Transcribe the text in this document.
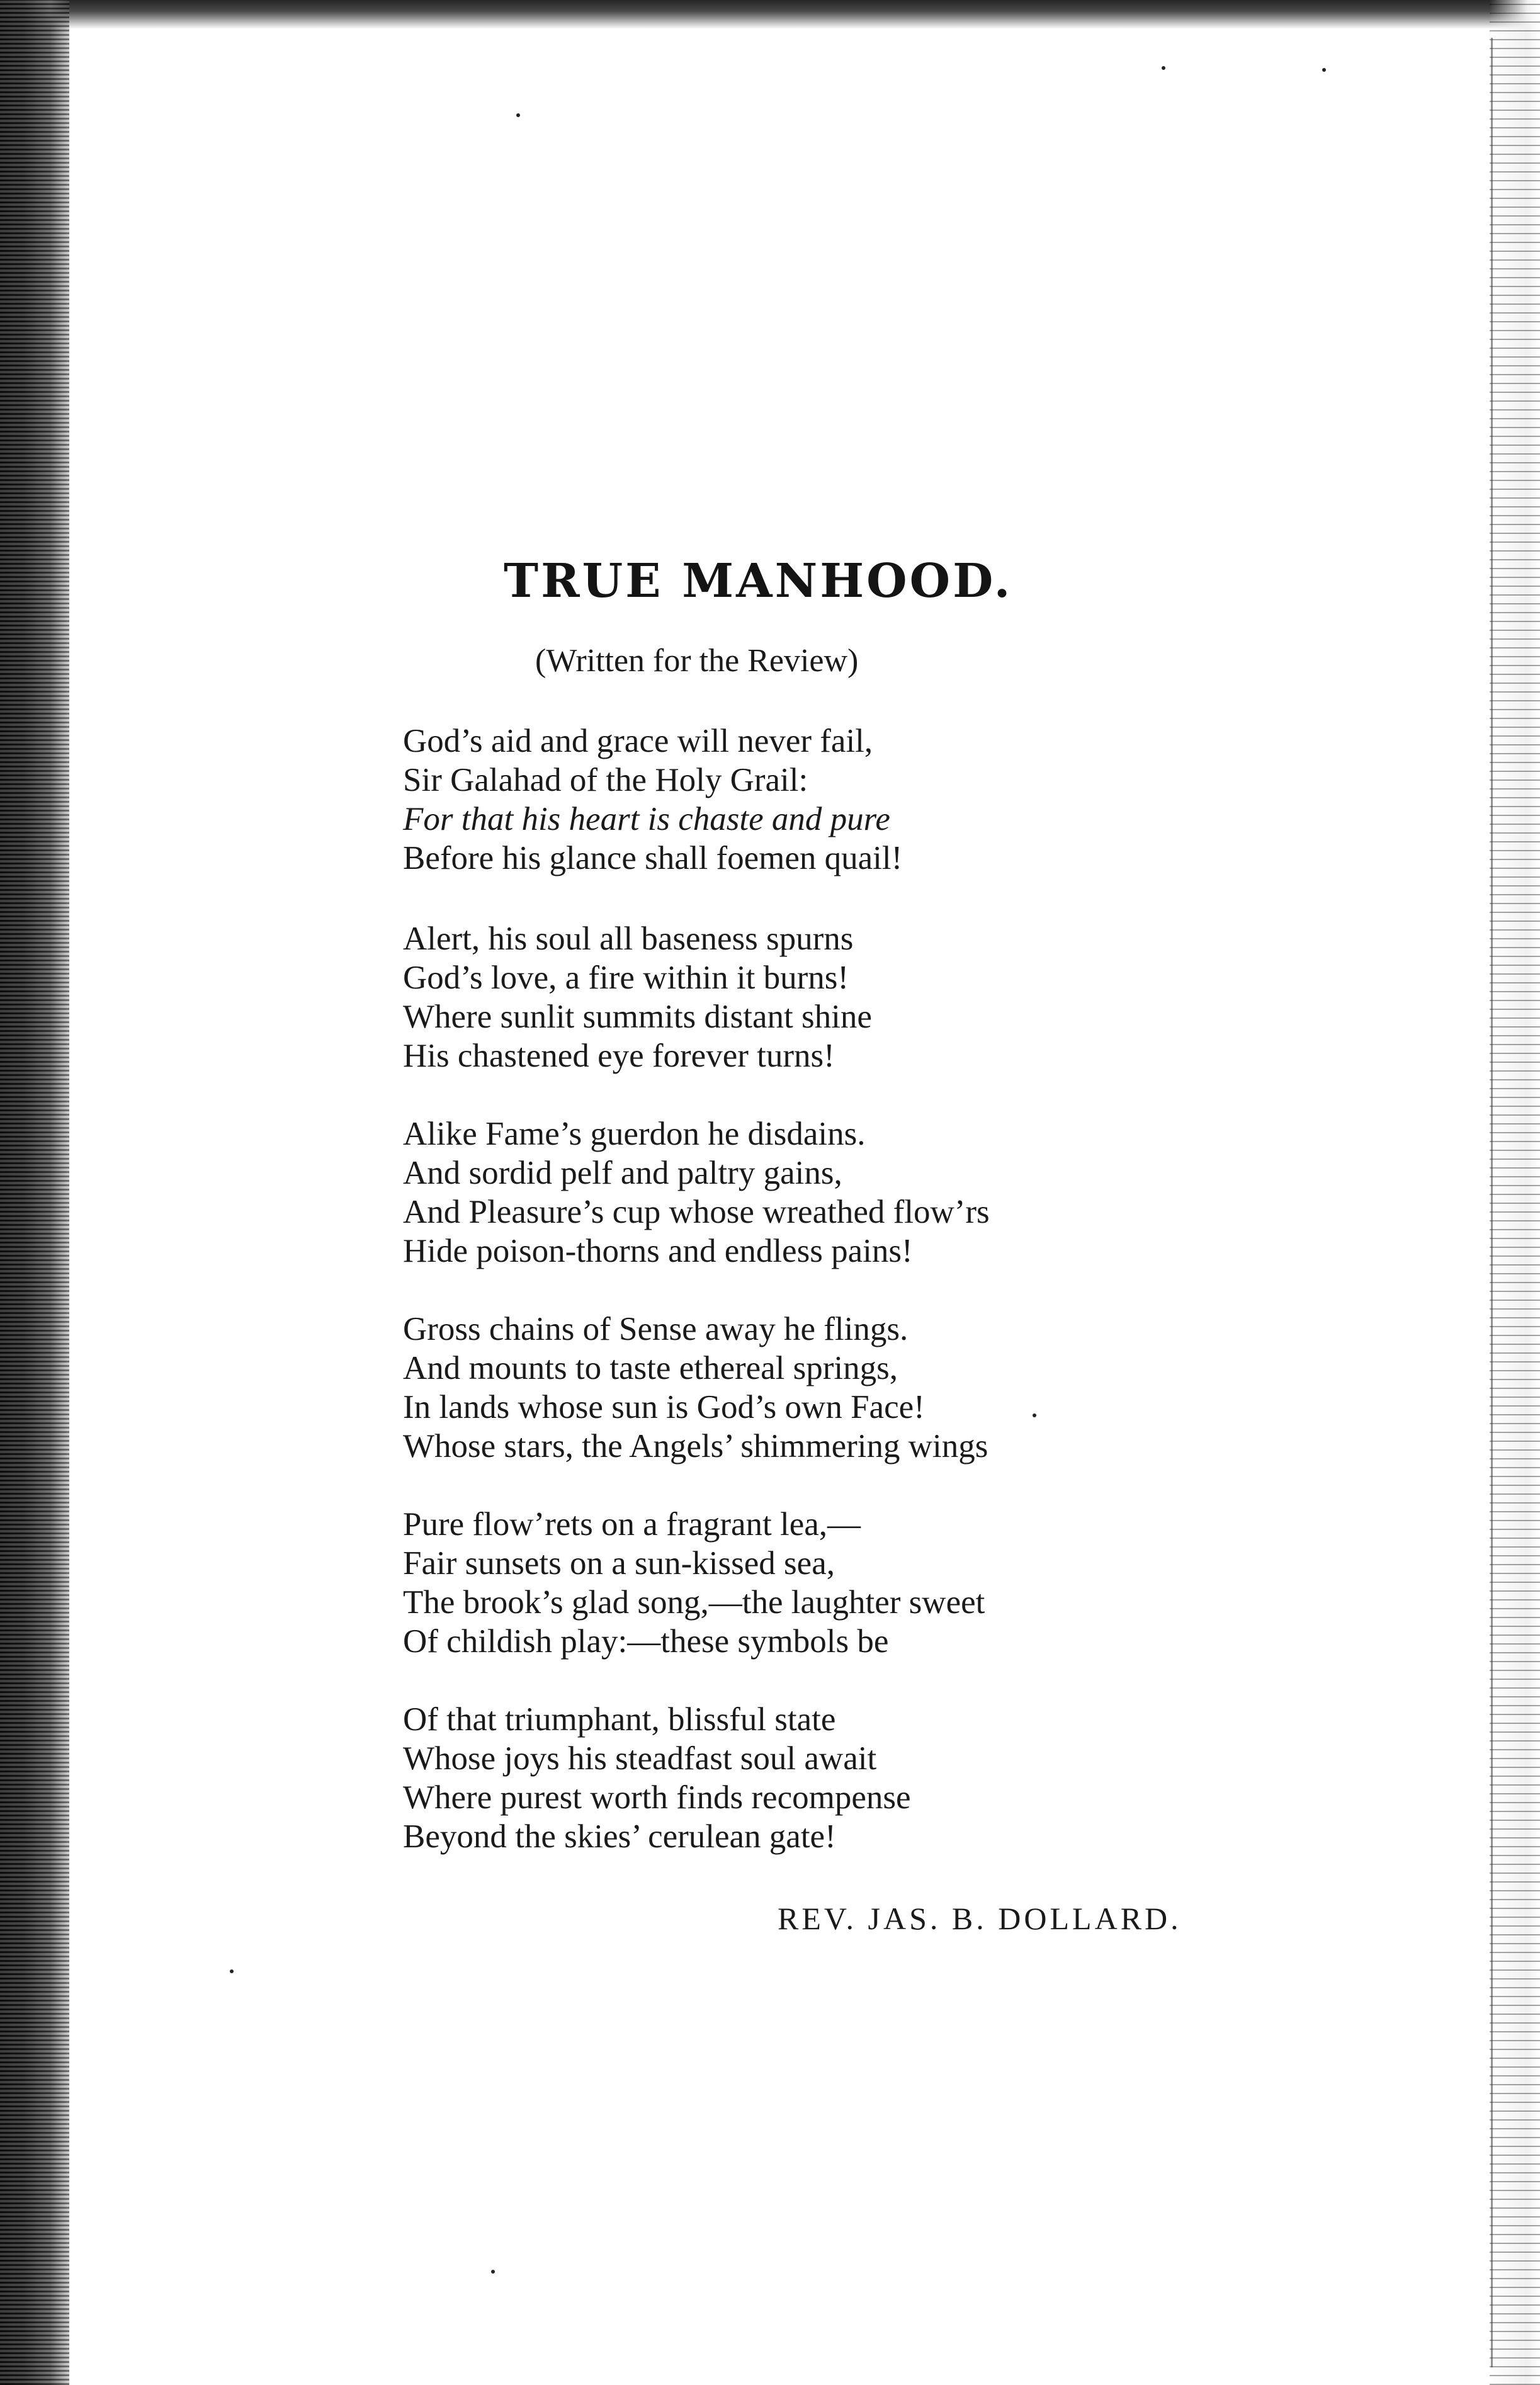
TRUE MANHOOD.
(Written for the Review)
God’s aid and grace will never fail,
Sir Galahad of the Holy Grail:
For that his heart is chaste and pure
Before his glance shall foemen quail!
Alert, his soul all baseness spurns
God’s love, a fire within it burns!
Where sunlit summits distant shine
His chastened eye forever turns!
Alike Fame’s guerdon he disdains.
And sordid pelf and paltry gains,
And Pleasure’s cup whose wreathed flow’rs
Hide poison-thorns and endless pains!
Gross chains of Sense away he flings.
And mounts to taste ethereal springs,
In lands whose sun is God’s own Face!
Whose stars, the Angels’ shimmering wings
Pure flow’rets on a fragrant lea,—
Fair sunsets on a sun-kissed sea,
The brook’s glad song,—the laughter sweet
Of childish play:—these symbols be
Of that triumphant, blissful state
Whose joys his steadfast soul await
Where purest worth finds recompense
Beyond the skies’ cerulean gate!
REV. JAS. B. DOLLARD.
